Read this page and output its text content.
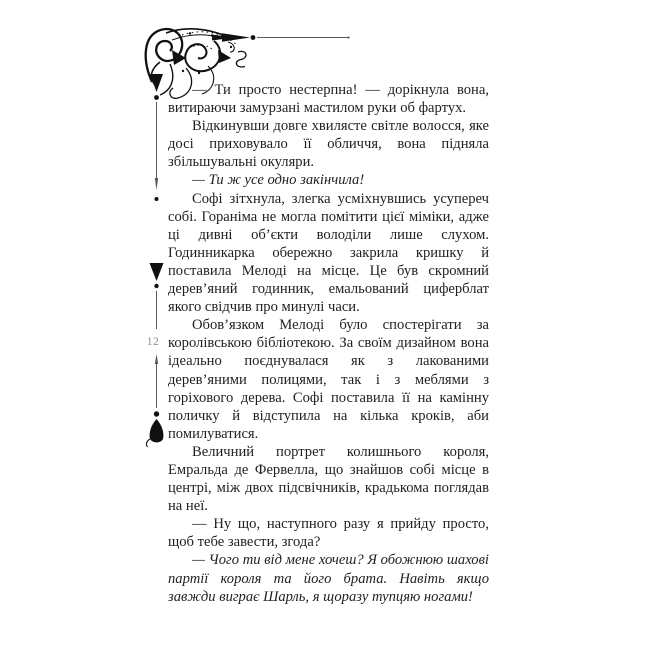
12

— Ти просто нестерпна! — дорікнула вона, витираючи замурзані мастилом руки об фартух.

Відкинувши довге хвилясте світле волосся, яке досі приховувало її обличчя, вона підняла збільшувальні окуляри.

— Ти ж усе одно закінчила!

Софі зітхнула, злегка усміхнувшись усупереч собі. Гораніма не могла помітити цієї міміки, адже ці дивні об’єкти володіли лише слухом. Годинникарка обережно закрила кришку й поставила Мелоді на місце. Це був скромний дерев’яний годинник, емальований циферблат якого свідчив про минулі часи.

Обов’язком Мелоді було спостерігати за королівською бібліотекою. За своїм дизайном вона ідеально поєднувалася як з лакованими дерев’яними полицями, так і з меблями з горіхового дерева. Софі поставила її на камінну поличку й відступила на кілька кроків, аби помилуватися.

Величний портрет колишнього короля, Емральда де Фервелла, що знайшов собі місце в центрі, між двох підсвічників, крадькома поглядав на неї.

— Ну що, наступного разу я прийду просто, щоб тебе завести, згода?

— Чого ти від мене хочеш? Я обожнюю шахові партії короля та його брата. Навіть якщо завжди виграє Шарль, я щоразу тупцяю ногами!
